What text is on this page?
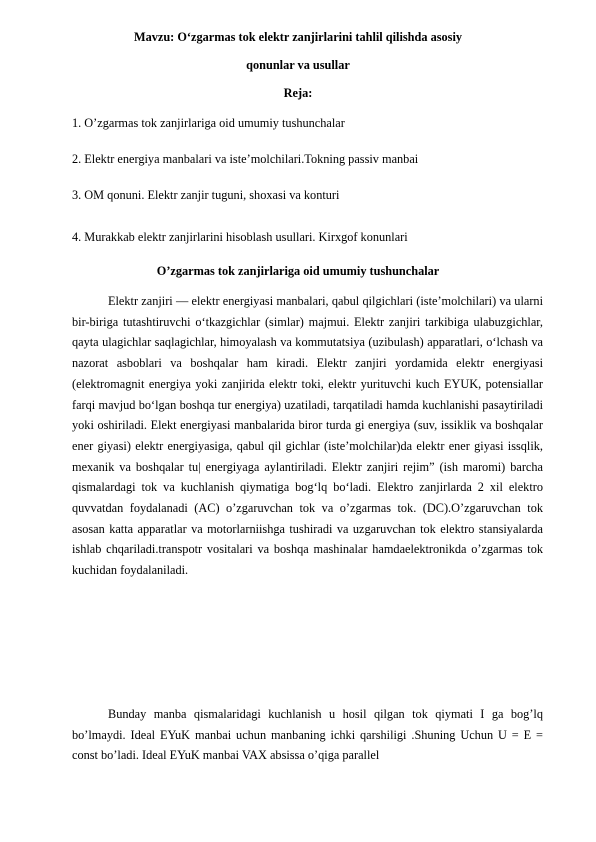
Mavzu: O‘zgarmas tok elektr zanjirlarini tahlil qilishda asosiy

qonunlar va usullar

Reja:

1. O’zgarmas tok zanjirlariga oid umumiy tushunchalar

2. Elektr energiya manbalari va iste’molchilari.Tokning passiv manbai

3. OM qonuni. Elektr zanjir tuguni, shoxasi va konturi

4. Murakkab elektr zanjirlarini hisoblash usullari. Kirxgof konunlari

O’zgarmas tok zanjirlariga oid umumiy tushunchalar

Elektr zanjiri — elektr energiyasi manbalari, qabul qilgichlari (iste’molchilari) va ularni bir-biriga tutashtiruvchi o‘tkazgichlar (simlar) majmui. Elektr zanjiri tarkibiga ulabuzgichlar, qayta ulagichlar saqlagichlar, himoyalash va kommutatsiya (uzibulash) apparatlari, o‘lchash va nazorat asboblari va boshqalar ham kiradi. Elektr zanjiri yordamida elektr energiyasi (elektromagnit energiya yoki zanjirida elektr toki, elektr yurituvchi kuch EYUK, potensiallar farqi mavjud bo‘lgan boshqa tur energiya) uzatiladi, tarqatiladi hamda kuchlanishi pasaytiriladi yoki oshiriladi. Elekt energiyasi manbalarida biror turda gi energiya (suv, issiklik va boshqalar ener giyasi) elektr energiyasiga, qabul qil gichlar (iste’molchilar)da elektr ener giyasi issqlik, mexanik va boshqalar tu| energiyaga aylantiriladi. Elektr zanjiri rejim” (ish maromi) barcha qismalardagi tok va kuchlanish qiymatiga bog‘lq bo‘ladi. Elektro zanjirlarda 2 xil elektro quvvatdan foydalanadi (AC) o’zgaruvchan tok va o’zgarmas tok. (DC).O’zgaruvchan tok asosan katta apparatlar va motorlarniishga tushiradi va uzgaruvchan tok elektro stansiyalarda ishlab chqariladi.transpotr vositalari va boshqa mashinalar hamdaelektronikda o’zgarmas tok kuchidan foydalaniladi.

Bunday manba qismalaridagi kuchlanish u hosil qilgan tok qiymati I ga bog’lq bo’lmaydi. Ideal EYuK manbai uchun manbaning ichki qarshiligi .Shuning Uchun U = E = const bo’ladi. Ideal EYuK manbai VAX absissa o’qiga parallel
